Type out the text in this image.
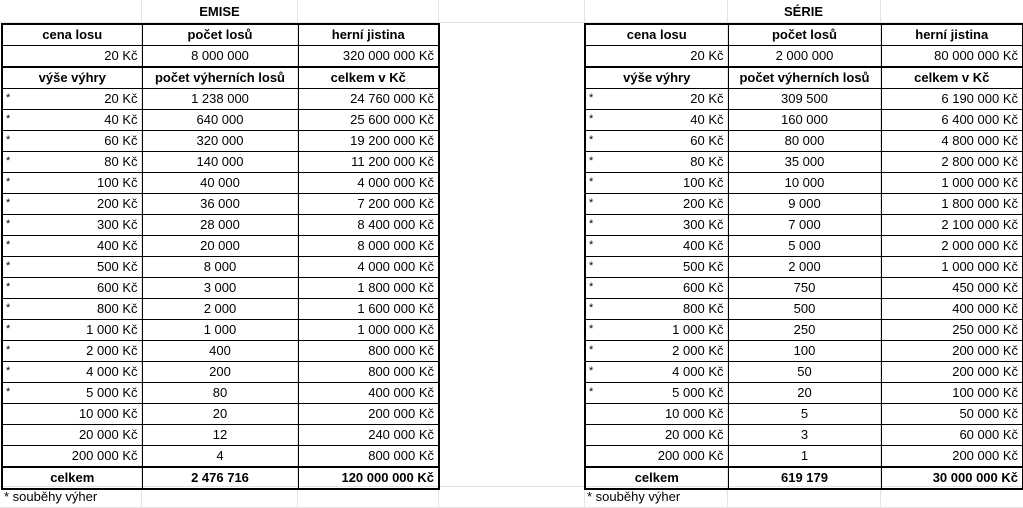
EMISE
cena losu		počet losů	herní jistina
20 Kč		8 000 000	320 000 000 Kč
výše výhry		počet výherních losů	celkem v Kč
*	20 Kč	1 238 000	24 760 000 Kč
*	40 Kč	640 000	25 600 000 Kč
*	60 Kč	320 000	19 200 000 Kč
*	80 Kč	140 000	11 200 000 Kč
*	100 Kč	40 000	4 000 000 Kč
*	200 Kč	36 000	7 200 000 Kč
*	300 Kč	28 000	8 400 000 Kč
*	400 Kč	20 000	8 000 000 Kč
*	500 Kč	8 000	4 000 000 Kč
*	600 Kč	3 000	1 800 000 Kč
*	800 Kč	2 000	1 600 000 Kč
*	1 000 Kč	1 000	1 000 000 Kč
*	2 000 Kč	400	800 000 Kč
*	4 000 Kč	200	800 000 Kč
*	5 000 Kč	80	400 000 Kč
	10 000 Kč	20	200 000 Kč
	20 000 Kč	12	240 000 Kč
	200 000 Kč	4	800 000 Kč
celkem		2 476 716	120 000 000 Kč
* souběhy výher
SÉRIE
cena losu		počet losů	herní jistina
20 Kč		2 000 000	80 000 000 Kč
výše výhry		počet výherních losů	celkem v Kč
*	20 Kč	309 500	6 190 000 Kč
*	40 Kč	160 000	6 400 000 Kč
*	60 Kč	80 000	4 800 000 Kč
*	80 Kč	35 000	2 800 000 Kč
*	100 Kč	10 000	1 000 000 Kč
*	200 Kč	9 000	1 800 000 Kč
*	300 Kč	7 000	2 100 000 Kč
*	400 Kč	5 000	2 000 000 Kč
*	500 Kč	2 000	1 000 000 Kč
*	600 Kč	750	450 000 Kč
*	800 Kč	500	400 000 Kč
*	1 000 Kč	250	250 000 Kč
*	2 000 Kč	100	200 000 Kč
*	4 000 Kč	50	200 000 Kč
*	5 000 Kč	20	100 000 Kč
	10 000 Kč	5	50 000 Kč
	20 000 Kč	3	60 000 Kč
	200 000 Kč	1	200 000 Kč
celkem		619 179	30 000 000 Kč
* souběhy výher
